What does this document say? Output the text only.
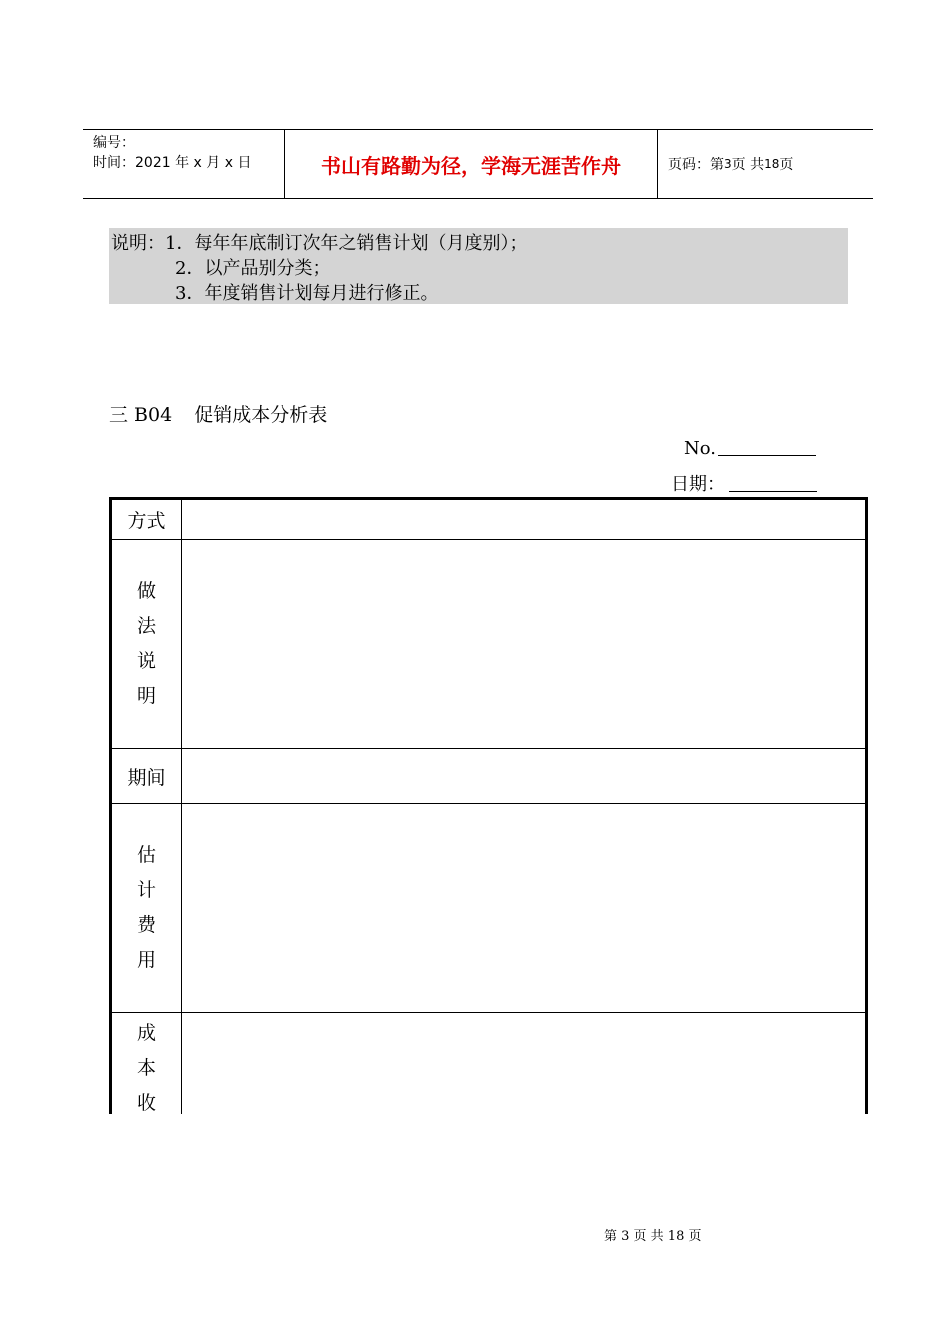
编号：
时间：2021 年 x 月 x 日	书山有路勤为径，学海无涯苦作舟	页码：第 3 页 共 18 页
说明：1．每年年底制订次年之销售计划（月度别）；
2．以产品别分类；
3．年度销售计划每月进行修正。
三 B04 促销成本分析表
No.
日期：
方式
做
法
说
明
期间
估
计
费
用
成
本
收
第 3 页 共 18 页
